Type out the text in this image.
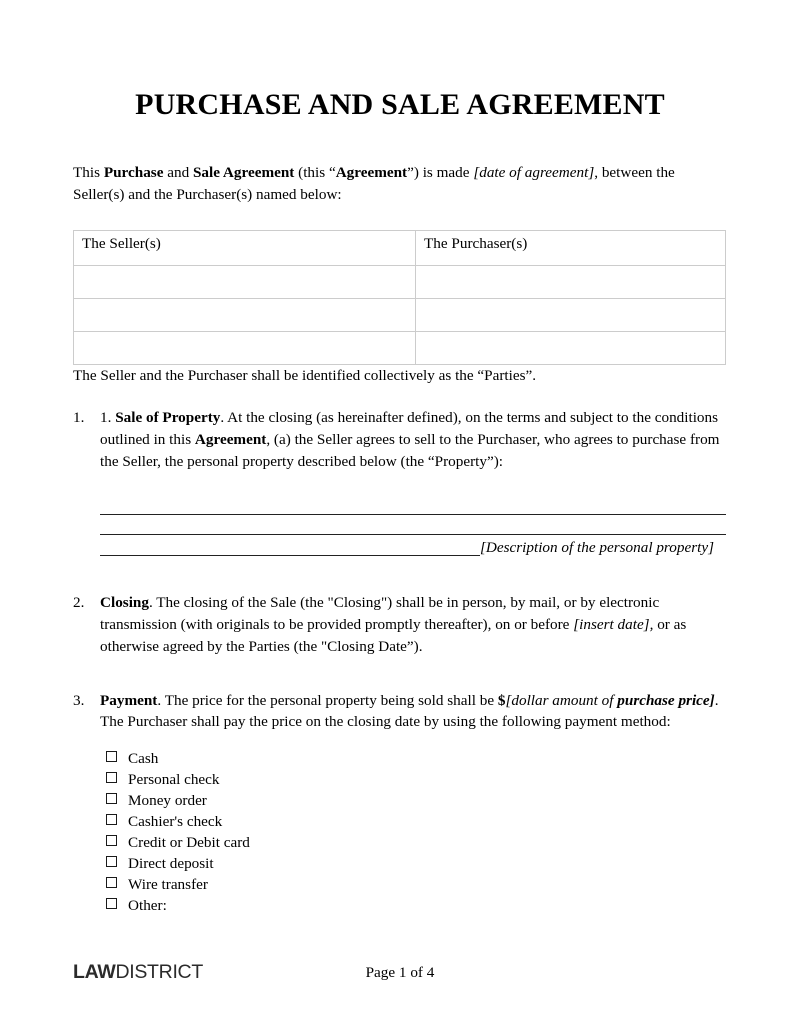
PURCHASE AND SALE AGREEMENT

This Purchase and Sale Agreement (this “Agreement”) is made [date of agreement], between the Seller(s) and the Purchaser(s) named below:

The Seller(s)	The Purchaser(s)

The Seller and the Purchaser shall be identified collectively as the “Parties”.

1. 1. Sale of Property. At the closing (as hereinafter defined), on the terms and subject to the conditions outlined in this Agreement, (a) the Seller agrees to sell to the Purchaser, who agrees to purchase from the Seller, the personal property described below (the “Property”):
[Description of the personal property]
2. Closing. The closing of the Sale (the "Closing") shall be in person, by mail, or by electronic transmission (with originals to be provided promptly thereafter), on or before [insert date], or as otherwise agreed by the Parties (the "Closing Date”).
3. Payment. The price for the personal property being sold shall be $[dollar amount of purchase price]. The Purchaser shall pay the price on the closing date by using the following payment method:
Cash
Personal check
Money order
Cashier's check
Credit or Debit card
Direct deposit
Wire transfer
Other:
LAWDISTRICT	Page 1 of 4
